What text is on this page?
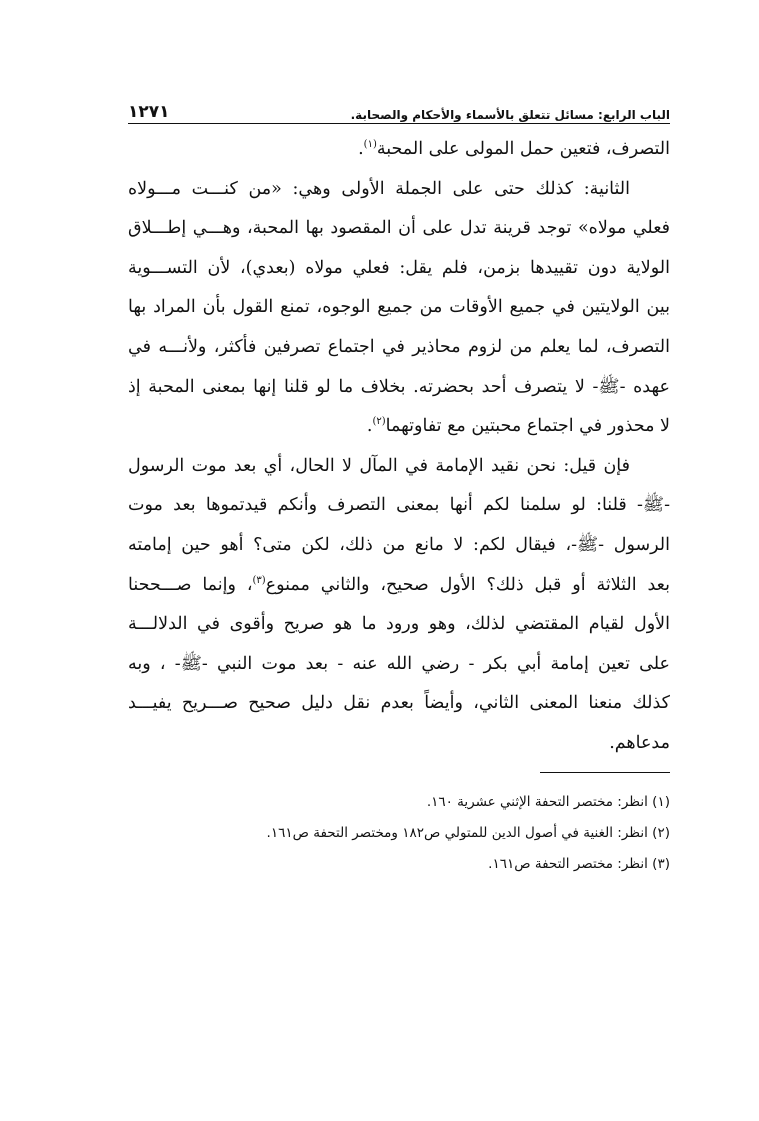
الباب الرابع: مسائل تتعلق بالأسماء والأحكام والصحابة.
١٢٧١
التصرف، فتعين حمل المولى على المحبة$^{(١)}$.
الثانية: كذلك حتى على الجملة الأولى وهي: «من كنـــت مـــولاه
فعلي مولاه» توجد قرينة تدل على أن المقصود بها المحبة، وهـــي إطـــلاق
الولاية دون تقييدها بزمن، فلم يقل: فعلي مولاه (بعدي)، لأن التســـوية
بين الولايتين في جميع الأوقات من جميع الوجوه، تمنع القول بأن المراد بها
التصرف، لما يعلم من لزوم محاذير في اجتماع تصرفين فأكثر، ولأنـــه في
عهده -ﷺ- لا يتصرف أحد بحضرته. بخلاف ما لو قلنا إنها بمعنى المحبة إذ
لا محذور في اجتماع محبتين مع تفاوتهما$^{(٢)}$.
فإن قيل: نحن نقيد الإمامة في المآل لا الحال، أي بعد موت الرسول
-ﷺ- قلنا: لو سلمنا لكم أنها بمعنى التصرف وأنكم قيدتموها بعد موت
الرسول -ﷺ-، فيقال لكم: لا مانع من ذلك، لكن متى؟ أهو حين إمامته
بعد الثلاثة أو قبل ذلك؟ الأول صحيح، والثاني ممنوع$^{(٣)}$، وإنما صـــححنا
الأول لقيام المقتضي لذلك، وهو ورود ما هو صريح وأقوى في الدلالـــة
على تعين إمامة أبي بكر - رضي الله عنه - بعد موت النبي -ﷺ- ، وبه
كذلك منعنا المعنى الثاني، وأيضاً بعدم نقل دليل صحيح صـــريح يفيـــد
مدعاهم.
(١) انظر: مختصر التحفة الإثني عشرية ١٦٠.
(٢) انظر: الغنية في أصول الدين للمتولي ص١٨٢ ومختصر التحفة ص١٦١.
(٣) انظر: مختصر التحفة ص١٦١.
